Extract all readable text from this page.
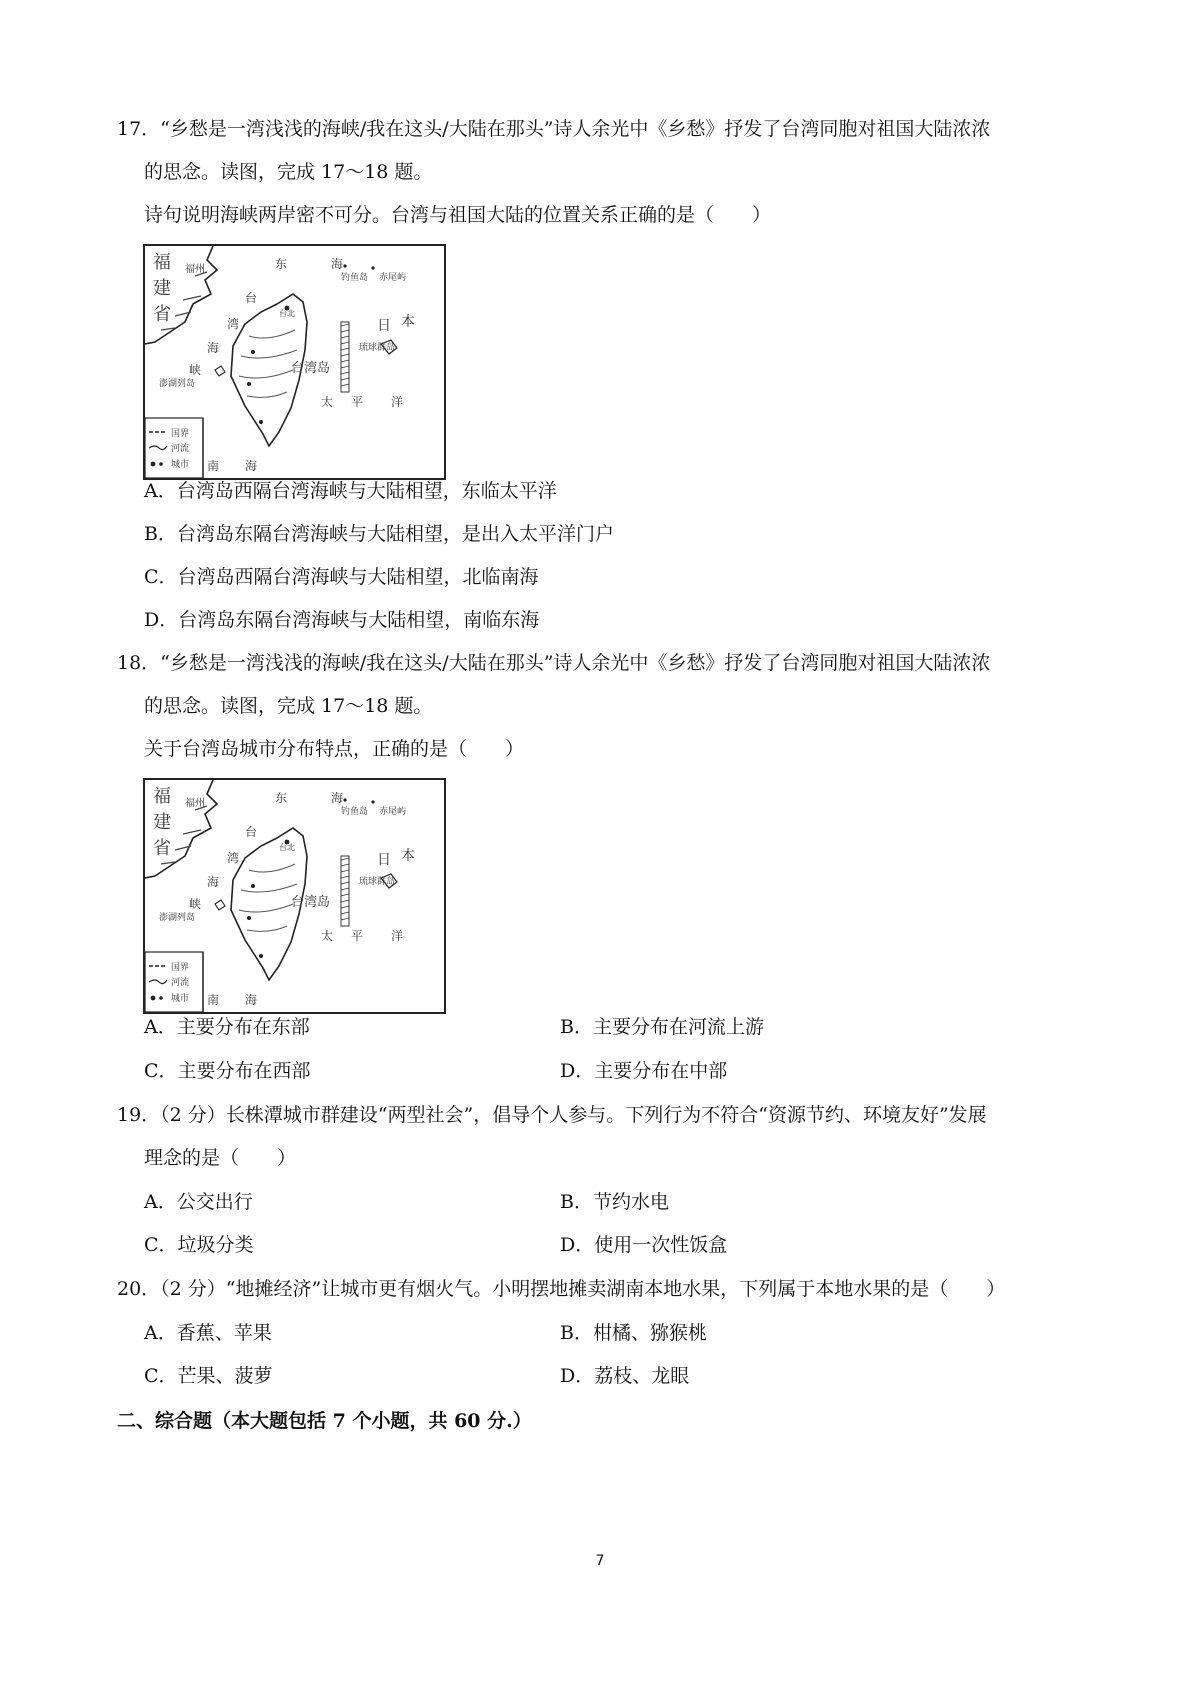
17．“乡愁是一湾浅浅的海峡/我在这头/大陆在那头”诗人余光中《乡愁》抒发了台湾同胞对祖国大陆浓浓
的思念。读图，完成 17～18 题。
诗句说明海峡两岸密不可分。台湾与祖国大陆的位置关系正确的是（　　）
国界
河流
城市
福
建
省
福州	东	海
钓鱼岛 赤尾屿
台
湾
海
峡
澎湖列岛
台北
台湾岛
日 本
琉球群岛
太 平 洋
南 海
A．台湾岛西隔台湾海峡与大陆相望，东临太平洋
B．台湾岛东隔台湾海峡与大陆相望，是出入太平洋门户
C．台湾岛西隔台湾海峡与大陆相望，北临南海
D．台湾岛东隔台湾海峡与大陆相望，南临东海
18．“乡愁是一湾浅浅的海峡/我在这头/大陆在那头”诗人余光中《乡愁》抒发了台湾同胞对祖国大陆浓浓
的思念。读图，完成 17～18 题。
关于台湾岛城市分布特点，正确的是（　　）
国界
河流
城市
福
建
省
福州	东	海
钓鱼岛 赤尾屿
台
湾
海
峡
澎湖列岛
台北
台湾岛
日 本
琉球群岛
太 平 洋
南 海
A．主要分布在东部	B．主要分布在河流上游
C．主要分布在西部	D．主要分布在中部
19．（2 分）长株潭城市群建设“两型社会”，倡导个人参与。下列行为不符合“资源节约、环境友好”发展
理念的是（　　）
A．公交出行	B．节约水电
C．垃圾分类	D．使用一次性饭盒
20．（2 分）“地摊经济”让城市更有烟火气。小明摆地摊卖湖南本地水果，下列属于本地水果的是（　　）
A．香蕉、苹果	B．柑橘、猕猴桃
C．芒果、菠萝	D．荔枝、龙眼
二、综合题（本大题包括 7 个小题，共 60 分.）
7
